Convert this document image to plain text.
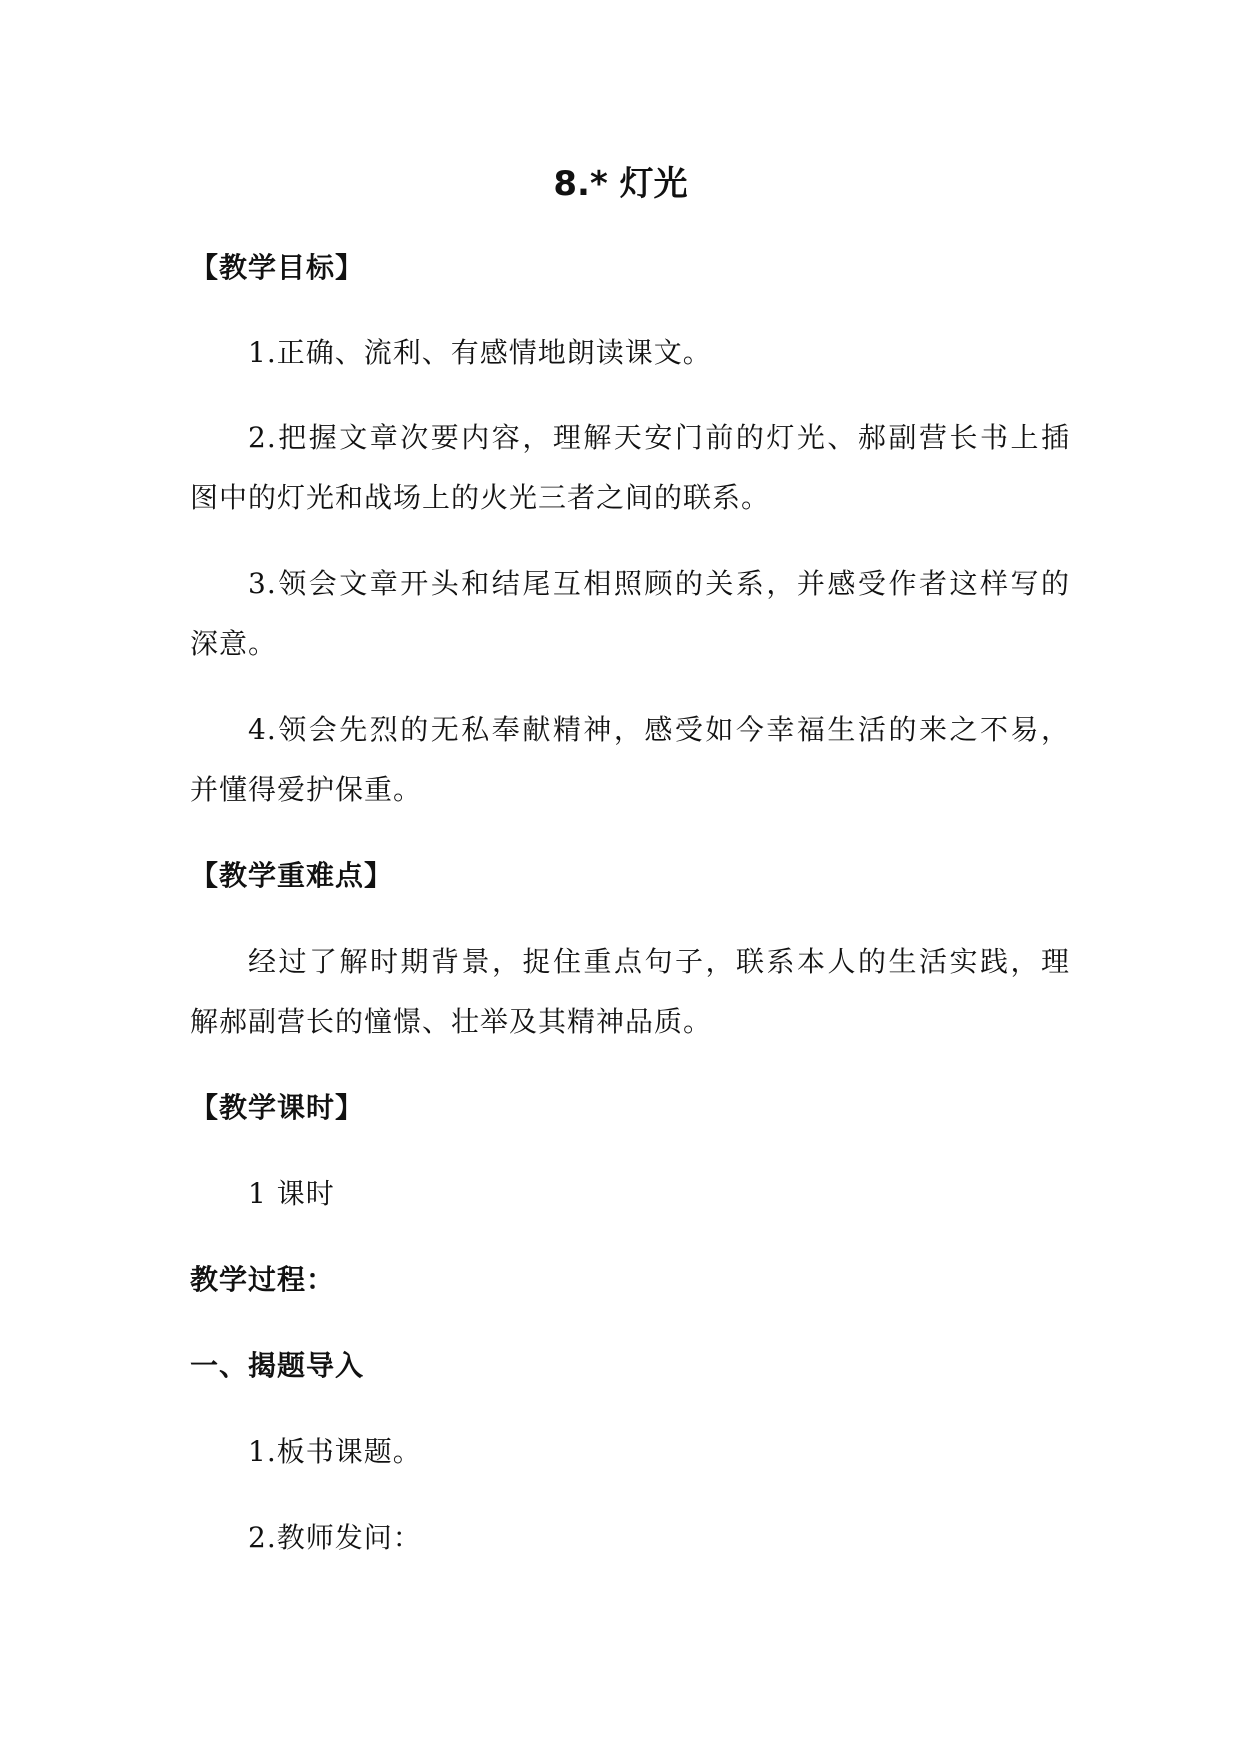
8.* 灯光
【教学目标】
1.正确、流利、有感情地朗读课文。
2.把握文章次要内容，理解天安门前的灯光、郝副营长书上插
图中的灯光和战场上的火光三者之间的联系。
3.领会文章开头和结尾互相照顾的关系，并感受作者这样写的
深意。
4.领会先烈的无私奉献精神，感受如今幸福生活的来之不易，
并懂得爱护保重。
【教学重难点】
经过了解时期背景，捉住重点句子，联系本人的生活实践，理
解郝副营长的憧憬、壮举及其精神品质。
【教学课时】
1 课时
教学过程：
一、揭题导入
1.板书课题。
2.教师发问：
